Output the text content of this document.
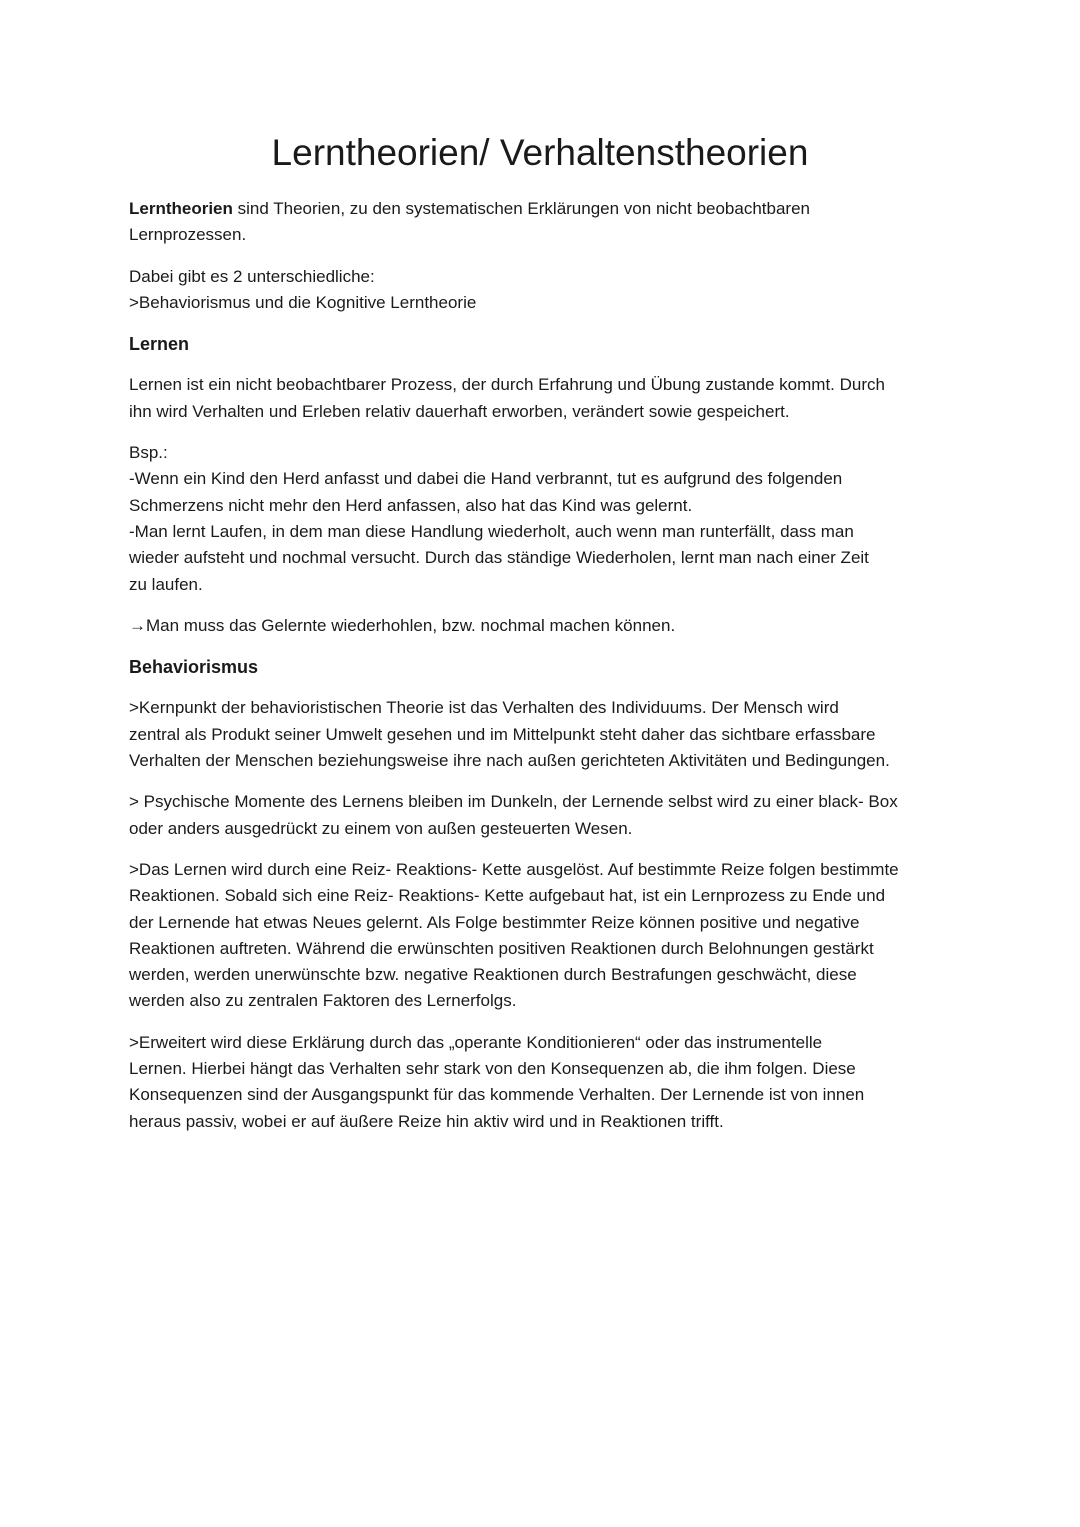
Lerntheorien/ Verhaltenstheorien

Lerntheorien sind Theorien, zu den systematischen Erklärungen von nicht beobachtbaren
Lernprozessen.

Dabei gibt es 2 unterschiedliche:
>Behaviorismus und die Kognitive Lerntheorie

Lernen

Lernen ist ein nicht beobachtbarer Prozess, der durch Erfahrung und Übung zustande kommt. Durch
ihn wird Verhalten und Erleben relativ dauerhaft erworben, verändert sowie gespeichert.

Bsp.:
-Wenn ein Kind den Herd anfasst und dabei die Hand verbrannt, tut es aufgrund des folgenden
Schmerzens nicht mehr den Herd anfassen, also hat das Kind was gelernt.
-Man lernt Laufen, in dem man diese Handlung wiederholt, auch wenn man runterfällt, dass man
wieder aufsteht und nochmal versucht. Durch das ständige Wiederholen, lernt man nach einer Zeit
zu laufen.

→Man muss das Gelernte wiederhohlen, bzw. nochmal machen können.

Behaviorismus

>Kernpunkt der behavioristischen Theorie ist das Verhalten des Individuums. Der Mensch wird
zentral als Produkt seiner Umwelt gesehen und im Mittelpunkt steht daher das sichtbare erfassbare
Verhalten der Menschen beziehungsweise ihre nach außen gerichteten Aktivitäten und Bedingungen.

> Psychische Momente des Lernens bleiben im Dunkeln, der Lernende selbst wird zu einer black- Box
oder anders ausgedrückt zu einem von außen gesteuerten Wesen.

>Das Lernen wird durch eine Reiz- Reaktions- Kette ausgelöst. Auf bestimmte Reize folgen bestimmte
Reaktionen. Sobald sich eine Reiz- Reaktions- Kette aufgebaut hat, ist ein Lernprozess zu Ende und
der Lernende hat etwas Neues gelernt. Als Folge bestimmter Reize können positive und negative
Reaktionen auftreten. Während die erwünschten positiven Reaktionen durch Belohnungen gestärkt
werden, werden unerwünschte bzw. negative Reaktionen durch Bestrafungen geschwächt, diese
werden also zu zentralen Faktoren des Lernerfolgs.

>Erweitert wird diese Erklärung durch das „operante Konditionieren“ oder das instrumentelle
Lernen. Hierbei hängt das Verhalten sehr stark von den Konsequenzen ab, die ihm folgen. Diese
Konsequenzen sind der Ausgangspunkt für das kommende Verhalten. Der Lernende ist von innen
heraus passiv, wobei er auf äußere Reize hin aktiv wird und in Reaktionen trifft.
